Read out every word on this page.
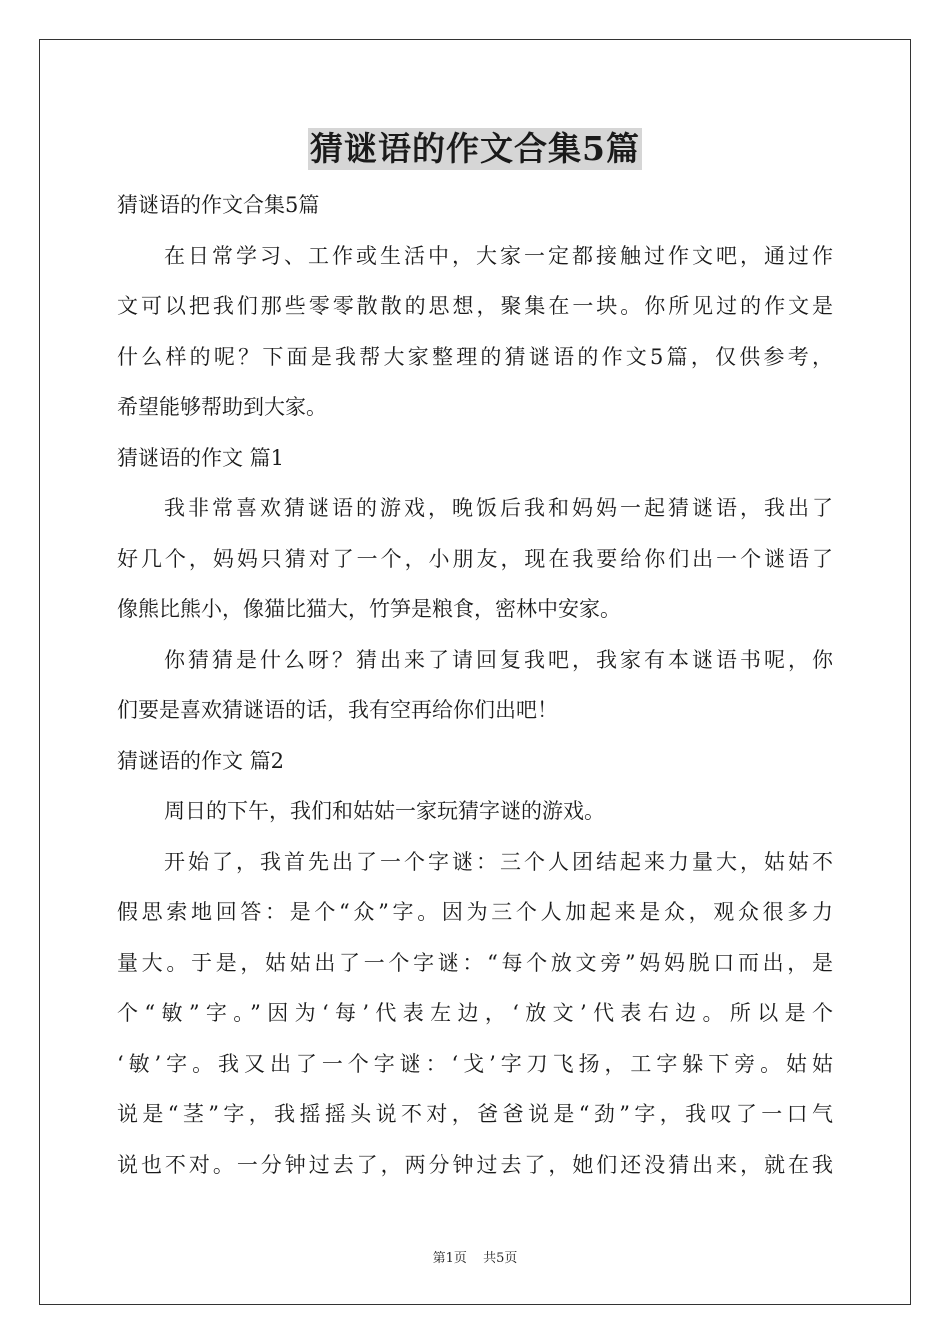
猜谜语的作文合集5篇
猜谜语的作文合集5篇
在日常学习、工作或生活中，大家一定都接触过作文吧，通过作
文可以把我们那些零零散散的思想，聚集在一块。你所见过的作文是
什么样的呢？下面是我帮大家整理的猜谜语的作文5篇，仅供参考，
希望能够帮助到大家。
猜谜语的作文 篇1
我非常喜欢猜谜语的游戏，晚饭后我和妈妈一起猜谜语，我出了
好几个，妈妈只猜对了一个，小朋友，现在我要给你们出一个谜语了
像熊比熊小，像猫比猫大，竹笋是粮食，密林中安家。
你猜猜是什么呀？猜出来了请回复我吧，我家有本谜语书呢，你
们要是喜欢猜谜语的话，我有空再给你们出吧！
猜谜语的作文 篇2
周日的下午，我们和姑姑一家玩猜字谜的游戏。
开始了，我首先出了一个字谜：三个人团结起来力量大，姑姑不
假思索地回答：是个“众”字。因为三个人加起来是众，观众很多力
量大。于是，姑姑出了一个字谜：“每个放文旁”妈妈脱口而出，是
个“敏”字。”因为‘每’代表左边，‘放文’代表右边。所以是个
‘敏’字。我又出了一个字谜：‘戈’字刀飞扬，工字躲下旁。姑姑
说是“茎”字，我摇摇头说不对，爸爸说是“劲”字，我叹了一口气
说也不对。一分钟过去了，两分钟过去了，她们还没猜出来，就在我
第1页 共5页
